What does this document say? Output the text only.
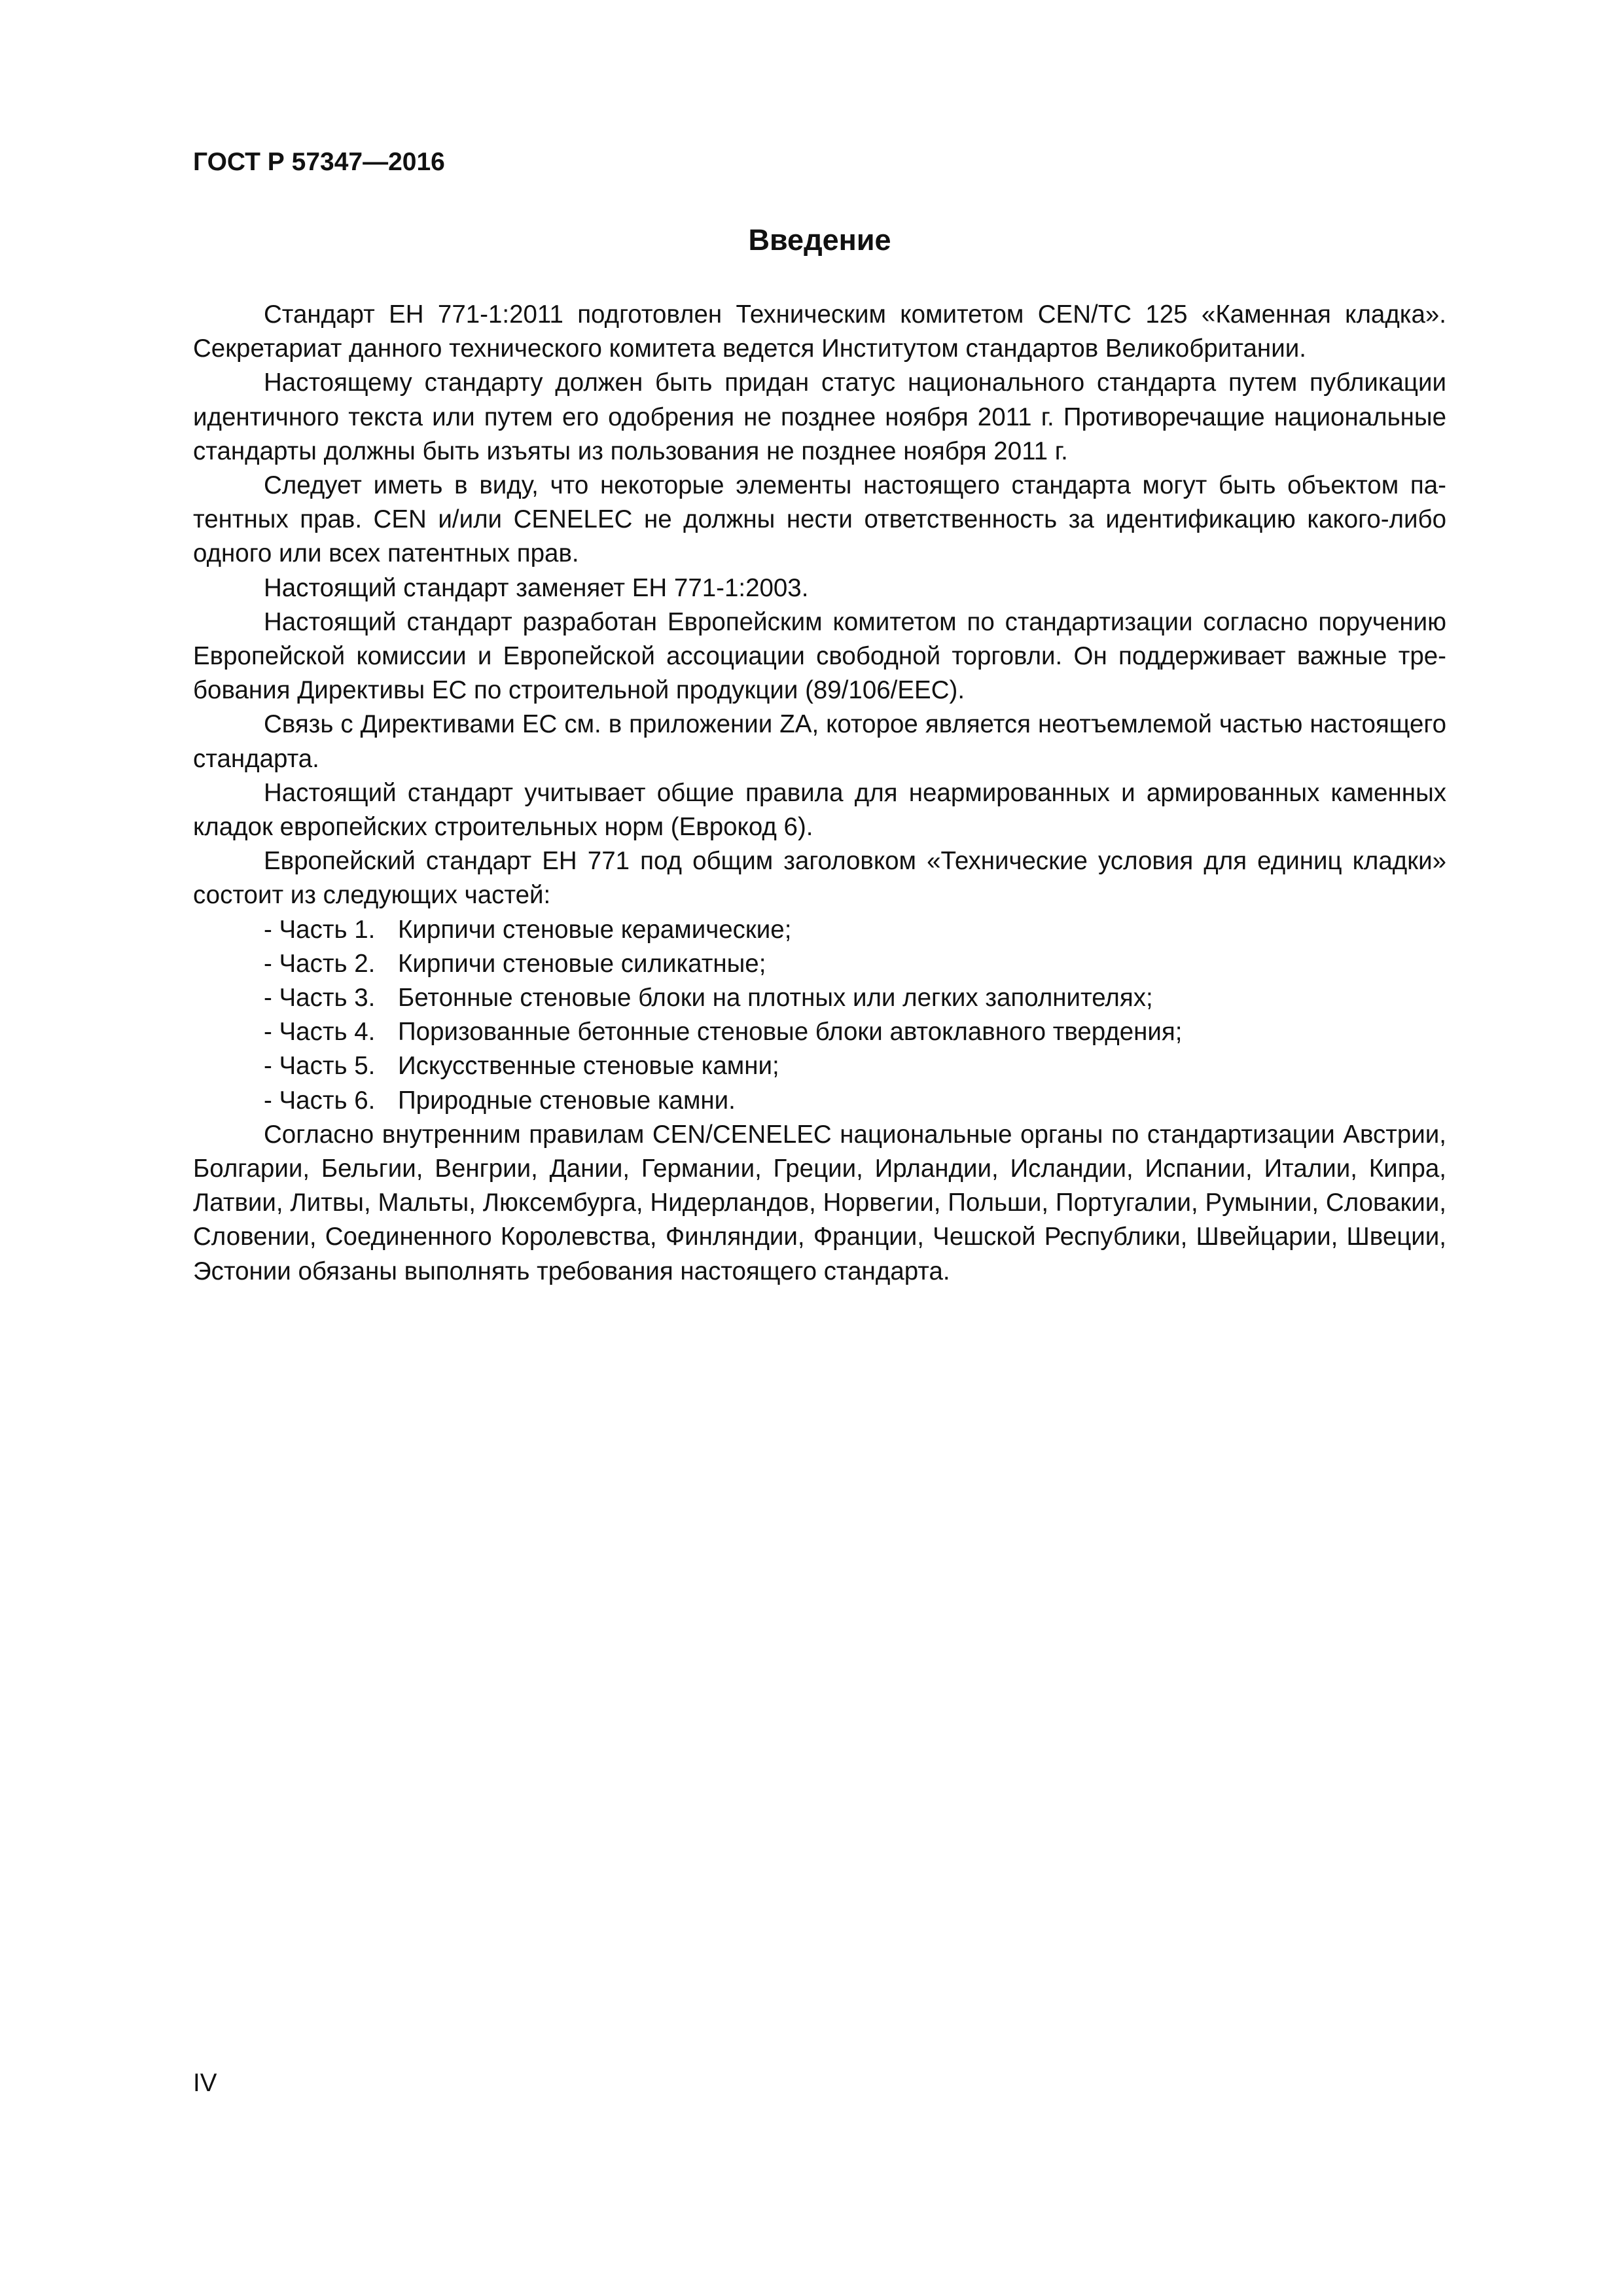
ГОСТ Р 57347—2016
Введение

Стандарт ЕН 771-1:2011 подготовлен Техническим комитетом CEN/TC 125 «Каменная кладка». Секретариат данного технического комитета ведется Институтом стандартов Великобритании.

Настоящему стандарту должен быть придан статус национального стандарта путем публикации идентичного текста или путем его одобрения не позднее ноября 2011 г. Противоречащие национальные стандарты должны быть изъяты из пользования не позднее ноября 2011 г.

Следует иметь в виду, что некоторые элементы настоящего стандарта могут быть объектом патентных прав. CEN и/или CENELEC не должны нести ответственность за идентификацию какого-либо одного или всех патентных прав.

Настоящий стандарт заменяет ЕН 771-1:2003.

Настоящий стандарт разработан Европейским комитетом по стандартизации согласно поручению Европейской комиссии и Европейской ассоциации свободной торговли. Он поддерживает важные требования Директивы ЕС по строительной продукции (89/106/EEC).

Связь с Директивами ЕС см. в приложении ZA, которое является неотъемлемой частью настоящего стандарта.

Настоящий стандарт учитывает общие правила для неармированных и армированных каменных кладок европейских строительных норм (Еврокод 6).

Европейский стандарт ЕН 771 под общим заголовком «Технические условия для единиц кладки» состоит из следующих частей:

- Часть 1. Кирпичи стеновые керамические;
- Часть 2. Кирпичи стеновые силикатные;
- Часть 3. Бетонные стеновые блоки на плотных или легких заполнителях;
- Часть 4. Поризованные бетонные стеновые блоки автоклавного твердения;
- Часть 5. Искусственные стеновые камни;
- Часть 6. Природные стеновые камни.

Согласно внутренним правилам CEN/CENELEC национальные органы по стандартизации Австрии, Болгарии, Бельгии, Венгрии, Дании, Германии, Греции, Ирландии, Исландии, Испании, Италии, Кипра, Латвии, Литвы, Мальты, Люксембурга, Нидерландов, Норвегии, Польши, Португалии, Румынии, Словакии, Словении, Соединенного Королевства, Финляндии, Франции, Чешской Республики, Швейцарии, Швеции, Эстонии обязаны выполнять требования настоящего стандарта.

IV
